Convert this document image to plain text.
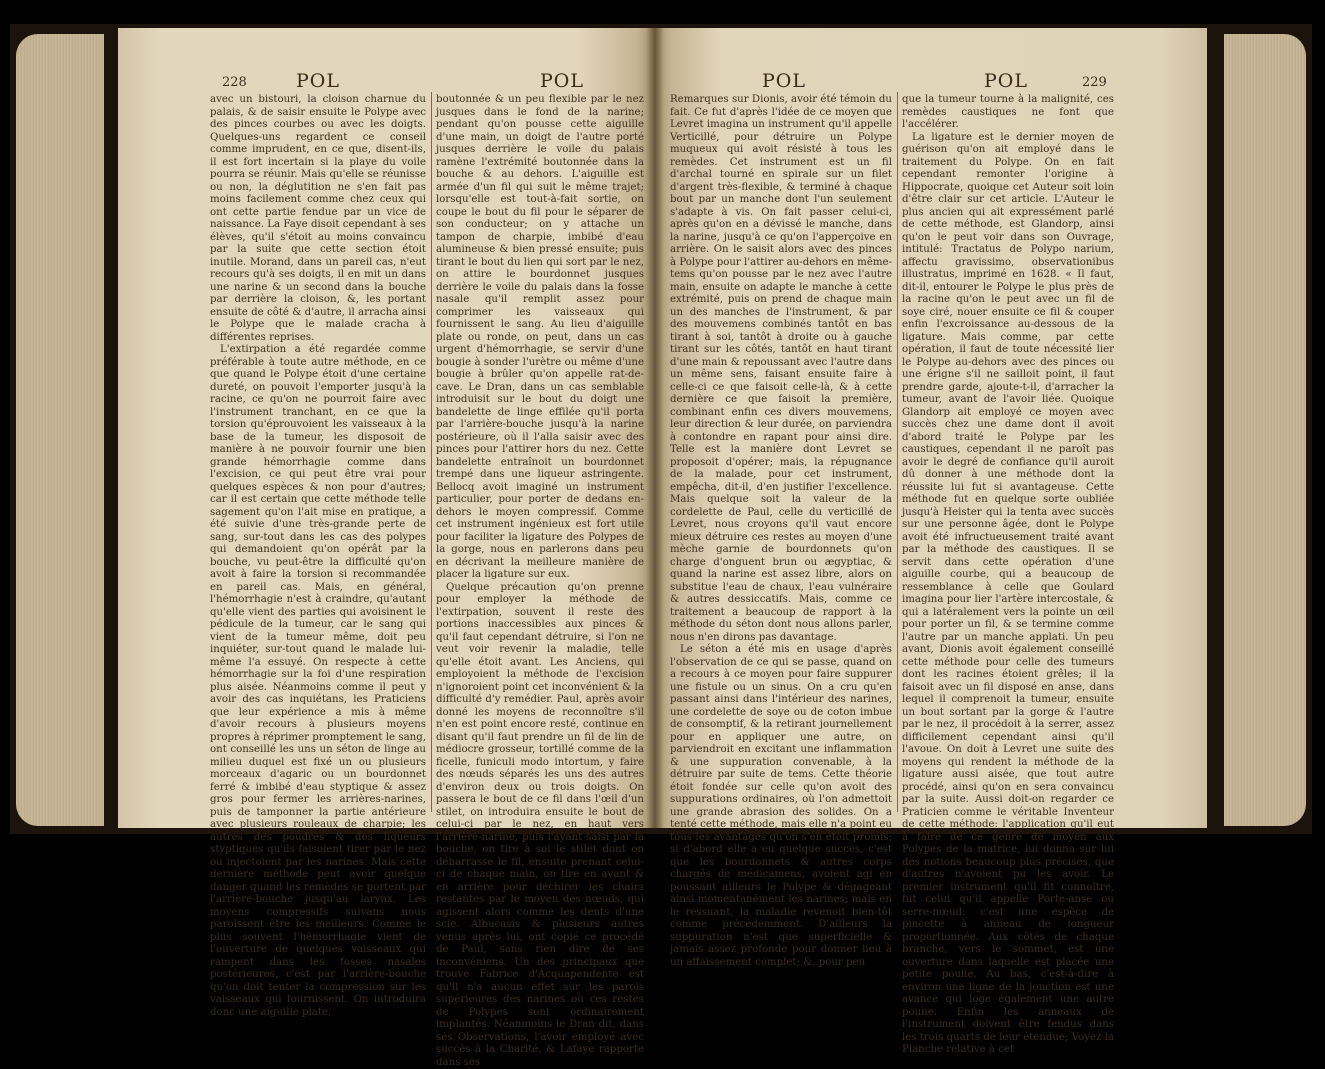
228	POL	POL

avec un bistouri, la cloison charnue du palais, & de saisir ensuite le Polype avec des pinces courbes ou avec les doigts. Quelques-uns regardent ce conseil comme imprudent, en ce que, disent-ils, il est fort incertain si la playe du voile pourra se réunir. Mais qu'elle se réunisse ou non, la déglutition ne s'en fait pas moins facilement comme chez ceux qui ont cette partie fendue par un vice de naissance. La Faye disoit cependant à ses élèves, qu'il s'étoit au moins convaincu par la suite que cette section étoit inutile. Morand, dans un pareil cas, n'eut recours qu'à ses doigts, il en mit un dans une narine & un second dans la bouche par derrière la cloison, &, les portant ensuite de côté & d'autre, il arracha ainsi le Polype que le malade cracha à différentes reprises.

L'extirpation a été regardée comme préférable à toute autre méthode, en ce que quand le Polype étoit d'une certaine dureté, on pouvoit l'emporter jusqu'à la racine, ce qu'on ne pourroit faire avec l'instrument tranchant, en ce que la torsion qu'éprouvoient les vaisseaux à la base de la tumeur, les disposoit de manière à ne pouvoir fournir une bien grande hémorrhagie comme dans l'excision, ce qui peut être vrai pour quelques espèces & non pour d'autres; car il est certain que cette méthode telle sagement qu'on l'ait mise en pratique, a été suivie d'une très-grande perte de sang, sur-tout dans les cas des polypes qui demandoient qu'on opérât par la bouche, vu peut-être la difficulté qu'on avoit à faire la torsion si recommandée en pareil cas. Mais, en général, l'hémorrhagie n'est à craindre, qu'autant qu'elle vient des parties qui avoisinent le pédicule de la tumeur, car le sang qui vient de la tumeur même, doit peu inquiéter, sur-tout quand le malade lui-même l'a essuyé. On respecte à cette hémorrhagie sur la foi d'une respiration plus aisée. Néanmoins comme il peut y avoir des cas inquiétans, les Praticiens que leur expérience a mis à même d'avoir recours à plusieurs moyens propres à réprimer promptement le sang, ont conseillé les uns un séton de linge au milieu duquel est fixé un ou plusieurs morceaux d'agaric ou un bourdonnet ferré & imbibé d'eau styptique & assez gros pour fermer les arrières-narines, puis de tamponner la partie antérieure avec plusieurs rouleaux de charpie; les autres des poudres & des liqueurs styptiques qu'ils faisoient tirer par le nez ou injectoient par les narines. Mais cette dernière méthode peut avoir quelque danger quand les remèdes se portent par l'arrière-bouche jusqu'au larynx. Les moyens compressifs suivans nous paroissent être les meilleurs. Comme le plus souvent l'hémorrhagie vient de l'ouverture de quelques vaisseaux qui rampent dans les fosses nasales postérieures, c'est par l'arrière-bouche qu'on doit tenter la compression sur les vaisseaux qui fournissent. On introduira donc une aiguille plate,

boutonnée & un peu flexible par le nez jusques dans le fond de la narine; pendant qu'on pousse cette aiguille d'une main, un doigt de l'autre porté jusques derrière le voile du palais ramène l'extrémité boutonnée dans la bouche & au dehors. L'aiguille est armée d'un fil qui suit le même trajet; lorsqu'elle est tout-à-fait sortie, on coupe le bout du fil pour le séparer de son conducteur; on y attache un tampon de charpie, imbibé d'eau alumineuse & bien pressé ensuite; puis tirant le bout du lien qui sort par le nez, on attire le bourdonnet jusques derrière le voile du palais dans la fosse nasale qu'il remplit assez pour comprimer les vaisseaux qui fournissent le sang. Au lieu d'aiguille plate ou ronde, on peut, dans un cas urgent d'hémorrhagie, se servir d'une bougie à sonder l'urètre ou même d'une bougie à brûler qu'on appelle rat-de-cave. Le Dran, dans un cas semblable introduisit sur le bout du doigt une bandelette de linge effilée qu'il porta par l'arrière-bouche jusqu'à la narine postérieure, où il l'alla saisir avec des pinces pour l'attirer hors du nez. Cette bandelette entraînoit un bourdonnet trempé dans une liqueur astringente. Bellocq avoit imaginé un instrument particulier, pour porter de dedans en-dehors le moyen compressif. Comme cet instrument ingénieux est fort utile pour faciliter la ligature des Polypes de la gorge, nous en parlerons dans peu en décrivant la meilleure manière de placer la ligature sur eux.

Quelque précaution qu'on prenne pour employer la méthode de l'extirpation, souvent il reste des portions inaccessibles aux pinces & qu'il faut cependant détruire, si l'on ne veut voir revenir la maladie, telle qu'elle étoit avant. Les Anciens, qui employoient la méthode de l'excision n'ignoroient point cet inconvénient & la difficulté d'y remédier. Paul, après avoir donné les moyens de reconnoître s'il n'en est point encore resté, continue en disant qu'il faut prendre un fil de lin de médiocre grosseur, tortillé comme de la ficelle, funiculi modo intortum, y faire des nœuds séparés les uns des autres d'environ deux ou trois doigts. On passera le bout de ce fil dans l'œil d'un stilet, on introduira ensuite le bout de celui-ci par le nez, en haut vers l'arrière-narine, puis l'ayant saisi par la bouche, on tire à soi le stilet dont on débarrasse le fil, ensuite prenant celui-ci de chaque main, on tire en avant & en arrière pour déchirer les chairs restantes par le moyen des nœuds, qui agissent alors comme les dents d'une scie. Albucasis & plusieurs autres venus après lui, ont copié ce procédé de Paul, sans rien dire de ses inconvéniens. Un des principaux que trouve Fabrice d'Acquapendente est qu'il n'a aucun effet sur les parois supérieures des narines où ces restes de Polypes sont ordinairement implantés. Néanmoins le Dran dit, dans ses Observations, l'avoir employé avec succès à la Charité, & Lafaye rapporte dans ses

POL	POL	229

Remarques sur Dionis, avoir été témoin du fait. Ce fut d'après l'idée de ce moyen que Levret imagina un instrument qu'il appelle Verticillé, pour détruire un Polype muqueux qui avoit résisté à tous les remèdes. Cet instrument est un fil d'archal tourné en spirale sur un filet d'argent très-flexible, & terminé à chaque bout par un manche dont l'un seulement s'adapte à vis. On fait passer celui-ci, après qu'on en a dévissé le manche, dans la narine, jusqu'à ce qu'on l'apperçoive en arrière. On le saisit alors avec des pinces à Polype pour l'attirer au-dehors en même-tems qu'on pousse par le nez avec l'autre main, ensuite on adapte le manche à cette extrémité, puis on prend de chaque main un des manches de l'instrument, & par des mouvemens combinés tantôt en bas tirant à soi, tantôt à droite ou à gauche tirant sur les côtés, tantôt en haut tirant d'une main & repoussant avec l'autre dans un même sens, faisant ensuite faire à celle-ci ce que faisoit celle-là, & à cette dernière ce que faisoit la première, combinant enfin ces divers mouvemens, leur direction & leur durée, on parviendra à contondre en rapant pour ainsi dire. Telle est la manière dont Levret se proposoit d'opérer; mais, la répugnance de la malade, pour cet instrument, empêcha, dit-il, d'en justifier l'excellence. Mais quelque soit la valeur de la cordelette de Paul, celle du verticillé de Levret, nous croyons qu'il vaut encore mieux détruire ces restes au moyen d'une mèche garnie de bourdonnets qu'on charge d'onguent brun ou ægyptiac, & quand la narine est assez libre, alors on substitue l'eau de chaux, l'eau vulnéraire & autres dessiccatifs. Mais, comme ce traitement a beaucoup de rapport à la méthode du séton dont nous allons parler, nous n'en dirons pas davantage.

Le séton a été mis en usage d'après l'observation de ce qui se passe, quand on a recours à ce moyen pour faire suppurer une fistule ou un sinus. On a cru qu'en passant ainsi dans l'intérieur des narines, une cordelette de soye ou de coton imbue de consomptif, & la retirant journellement pour en appliquer une autre, on parviendroit en excitant une inflammation & une suppuration convenable, à la détruire par suite de tems. Cette théorie étoit fondée sur celle qu'on avoit des suppurations ordinaires, où l'on admettoit une grande abrasion des solides. On a tenté cette méthode, mais elle n'a point eu tous les avantages qu'on s'en étoit promis; si d'abord elle a eu quelque succès, c'est que les bourdonnets & autres corps chargés de médicamens, avoient agi en poussant ailleurs le Polype & dégageant ainsi momentanément les narines; mais en le ressuant, la maladie revenoit bien-tôt comme précédemment. D'ailleurs la suppuration n'est que superficielle & jamais assez profonde pour donner lieu à un affaissement complet; &, pour peu

que la tumeur tourne à la malignité, ces remèdes caustiques ne font que l'accélérer.

La ligature est le dernier moyen de guérison qu'on ait employé dans le traitement du Polype. On en fait cependant remonter l'origine à Hippocrate, quoique cet Auteur soit loin d'être clair sur cet article. L'Auteur le plus ancien qui ait expressément parlé de cette méthode, est Glandorp, ainsi qu'on le peut voir dans son Ouvrage, intitulé: Tractatus de Polypo narium, affectu gravissimo, observationibus illustratus, imprimé en 1628. « Il faut, dit-il, entourer le Polype le plus près de la racine qu'on le peut avec un fil de soye ciré, nouer ensuite ce fil & couper enfin l'excroissance au-dessous de la ligature. Mais comme, par cette opération, il faut de toute nécessité lier le Polype au-dehors avec des pinces ou une érigne s'il ne sailloit point, il faut prendre garde, ajoute-t-il, d'arracher la tumeur, avant de l'avoir liée. Quoique Glandorp ait employé ce moyen avec succès chez une dame dont il avoit d'abord traité le Polype par les caustiques, cependant il ne paroît pas avoir le degré de confiance qu'il auroit dû donner à une méthode dont la réussite lui fut si avantageuse. Cette méthode fut en quelque sorte oubliée jusqu'à Heister qui la tenta avec succès sur une personne âgée, dont le Polype avoit été infructueusement traité avant par la méthode des caustiques. Il se servit dans cette opération d'une aiguille courbe, qui a beaucoup de ressemblance à celle que Goulard imagina pour lier l'artère intercostale, & qui a latéralement vers la pointe un œil pour porter un fil, & se termine comme l'autre par un manche applati. Un peu avant, Dionis avoit également conseillé cette méthode pour celle des tumeurs dont les racines étoient grêles; il la faisoit avec un fil disposé en anse, dans lequel il comprenoit la tumeur, ensuite un bout sortant par la gorge & l'autre par le nez, il procédoit à la serrer, assez difficilement cependant ainsi qu'il l'avoue. On doit à Levret une suite des moyens qui rendent la méthode de la ligature aussi aisée, que tout autre procédé, ainsi qu'on en sera convaincu par la suite. Aussi doit-on regarder ce Praticien comme le véritable Inventeur de cette méthode: l'application qu'il eut à faire de ce genre de moyen aux Polypes de la matrice, lui donna sur lui des notions beaucoup plus précises, que d'autres n'avoient pu les avoir. Le premier instrument qu'il fit connoître, fut celui qu'il appelle Porte-anse ou serre-nœud: c'est une espèce de pincette à anneau de longueur proportionnée. Aux côtés de chaque branche, vers le sommet, est une ouverture dans laquelle est placée une petite poulie. Au bas, c'est-à-dire à environ une ligne de la jonction est une avance qui loge également une autre poulie. Enfin les anneaux de l'instrument doivent être fendus dans les trois quarts de leur étendue; Voyez la Planche relative à cet
